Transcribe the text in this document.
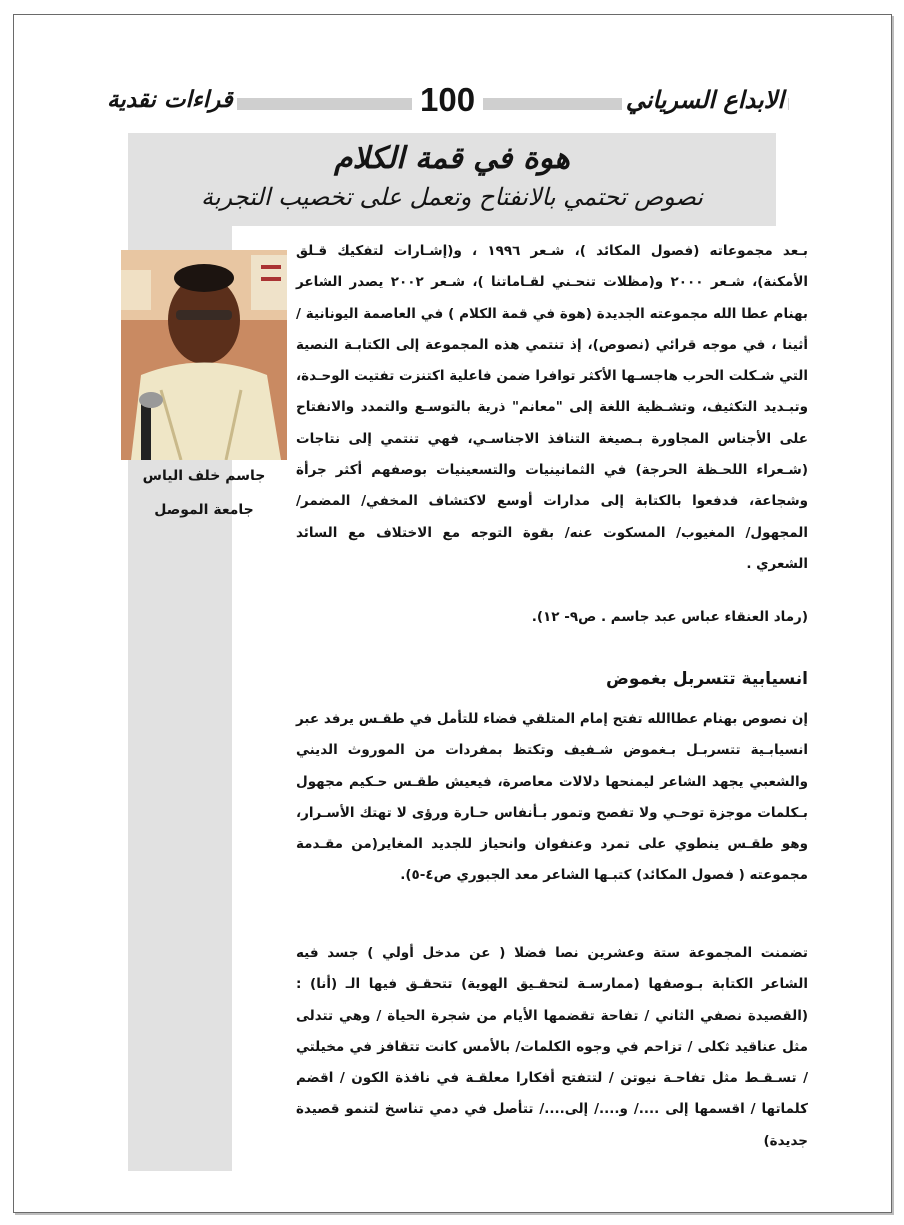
الابداع السرياني
100
قراءات نقدية
هوة في قمة الكلام
نصوص تحتمي بالانفتاح وتعمل على تخصيب التجربة
جاسم خلف الياس
جامعة الموصل

بـعد مجموعاته (فصول المكائد )، شـعر ١٩٩٦ ، و(إشـارات لتفكيك قـلق الأمكنة)، شـعر ٢٠٠٠ و(مظلات تنحـني لقـاماتنا )، شـعر ٢٠٠٢ يصدر الشاعر بهنام عطا الله مجموعته الجديدة (هوة في قمة الكلام ) في العاصمة اليونانية / أثينا ، في موجه قرائي (نصوص)، إذ تنتمي هذه المجموعة إلى الكتابـة النصية التي شـكلت الحرب هاجسـها الأكثر توافرا ضمن فاعلية اكتنزت تفتيت الوحـدة، وتبـديد التكثيف، وتشـظية اللغة إلى "معانم" ذرية بالتوسـع والتمدد والانفتاح على الأجناس المجاورة بـصيغة التنافذ الاجناسـي، فهي تنتمي إلى نتاجات (شـعراء اللحـظة الحرجة) في الثمانينيات والتسعينيات بوصفهم أكثر جرأة وشجاعة، فدفعوا بالكتابة إلى مدارات أوسع لاكتشاف المخفي/ المضمر/ المجهول/ المغيوب/ المسكوت عنه/ بقوة التوجه مع الاختلاف مع السائد الشعري .

(رماد العنقاء عباس عبد جاسم . ص٩- ١٢).

انسيابية تتسربل بغموض

إن نصوص بهنام عطاالله تفتح إمام المتلقي فضاء للتأمل في طقـس يرفد عبر انسيابـية تتسربـل بـغموض شـفيف وتكتظ بمفردات من الموروث الديني والشعبي يجهد الشاعر ليمنحها دلالات معاصرة، فيعيش طقـس حـكيم مجهول بـكلمات موجزة توحـي ولا تفصح وتمور بـأنفاس حـارة ورؤى لا تهتك الأسـرار، وهو طقـس ينطوي على تمرد وعنفوان وانحياز للجديد المغاير(من مقـدمة مجموعته ( فصول المكائد) كتبـها الشاعر معد الجبوري ص٤-٥).

تضمنت المجموعة ستة وعشرين نصا فضلا ( عن مدخل أولي ) جسد فيه الشاعر الكتابة بـوصفها (ممارسـة لتحقـيق الهوية) تتحقـق فيها الـ (أنا) :(القصيدة نصفي الثاني / تفاحة تقضمها الأيام من شجرة الحياة / وهي تتدلى مثل عناقيد ثكلى / تزاحم في وجوه الكلمات/ بالأمس كانت تتقافز في مخيلتي / تسـقـط مثل تفاحـة نيوتن / لتتفتح أفكارا معلقـة في نافذة الكون / اقضم كلماتها / اقسمها إلى ..../ و..../ إلى..../ تتأصل في دمي تناسخ لتنمو قصيدة جديدة)
